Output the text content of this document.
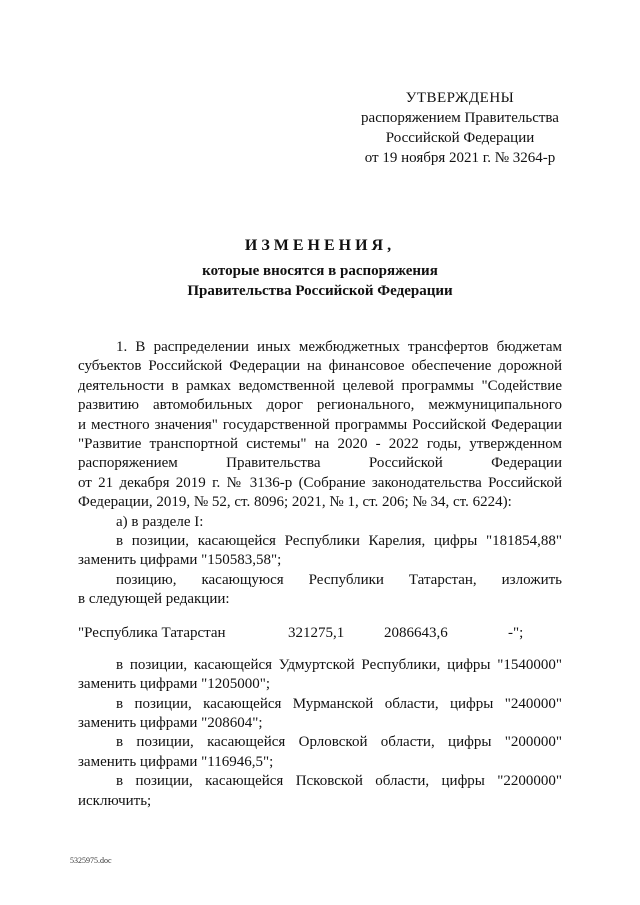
УТВЕРЖДЕНЫ
распоряжением Правительства
Российской Федерации
от 19 ноября 2021 г. № 3264-р
ИЗМЕНЕНИЯ,
которые вносятся в распоряжения
Правительства Российской Федерации
1. В распределении иных межбюджетных трансфертов бюджетам
субъектов Российской Федерации на финансовое обеспечение дорожной
деятельности в рамках ведомственной целевой программы "Содействие
развитию автомобильных дорог регионального, межмуниципального
и местного значения" государственной программы Российской Федерации
"Развитие транспортной системы" на 2020 - 2022 годы, утвержденном
распоряжением Правительства Российской Федерации
от 21 декабря 2019 г. № 3136-р (Собрание законодательства Российской
Федерации, 2019, № 52, ст. 8096; 2021, № 1, ст. 206; № 34, ст. 6224):
а) в разделе I:
в позиции, касающейся Республики Карелия, цифры "181854,88"
заменить цифрами "150583,58";
позицию, касающуюся Республики Татарстан, изложить
в следующей редакции:
"Республика Татарстан	321275,1	2086643,6	-";
в позиции, касающейся Удмуртской Республики, цифры "1540000"
заменить цифрами "1205000";
в позиции, касающейся Мурманской области, цифры "240000"
заменить цифрами "208604";
в позиции, касающейся Орловской области, цифры "200000"
заменить цифрами "116946,5";
в позиции, касающейся Псковской области, цифры "2200000"
исключить;
5325975.doc
